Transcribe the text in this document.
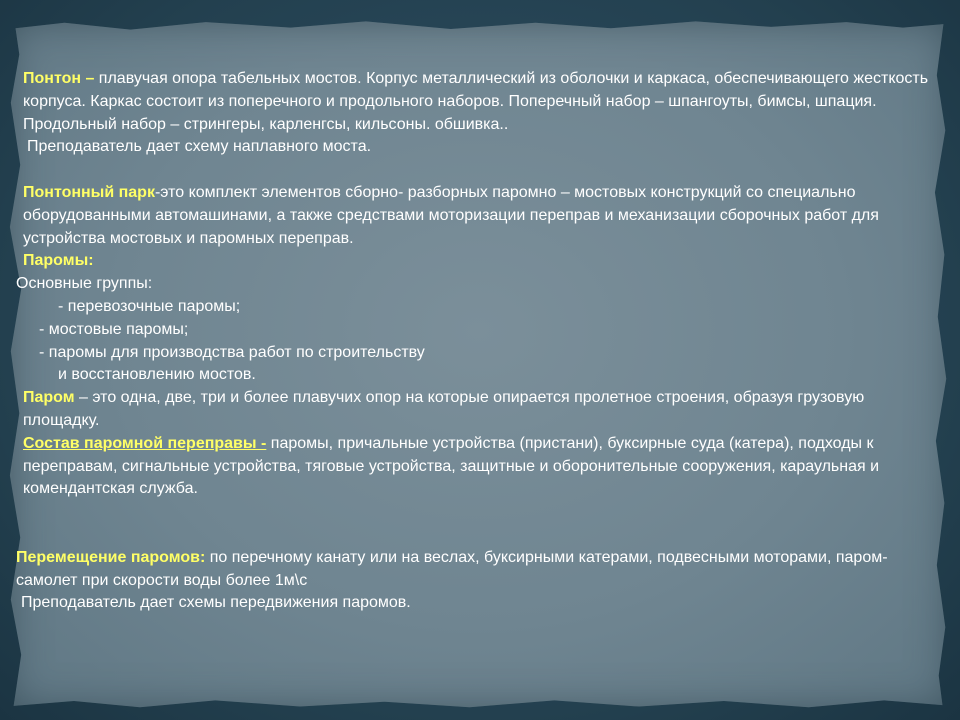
Понтон – плавучая опора табельных мостов. Корпус металлический из оболочки и каркаса, обеспечивающего жесткость корпуса. Каркас состоит из поперечного и продольного наборов. Поперечный набор – шпангоуты, бимсы, шпация. Продольный набор – стрингеры, карленгсы, кильсоны. обшивка..

Преподаватель дает схему наплавного моста.

Понтонный парк-это комплект элементов сборно- разборных паромно – мостовых конструкций со специально оборудованными автомашинами, а также средствами моторизации переправ и механизации сборочных работ для устройства мостовых и паромных переправ.

Паромы:

Основные группы:

- перевозочные паромы;

- мостовые паромы;

- паромы для производства работ по строительству

и восстановлению мостов.

Паром – это одна, две, три и более плавучих опор на которые опирается пролетное строения, образуя грузовую площадку.

Состав паромной переправы - паромы, причальные устройства (пристани), буксирные суда (катера), подходы к переправам, сигнальные устройства, тяговые устройства, защитные и оборонительные сооружения, караульная и комендантская служба.

Перемещение паромов: по перечному канату или на веслах, буксирными катерами, подвесными моторами, паром- самолет при скорости воды более 1м\с

Преподаватель дает схемы передвижения паромов.
